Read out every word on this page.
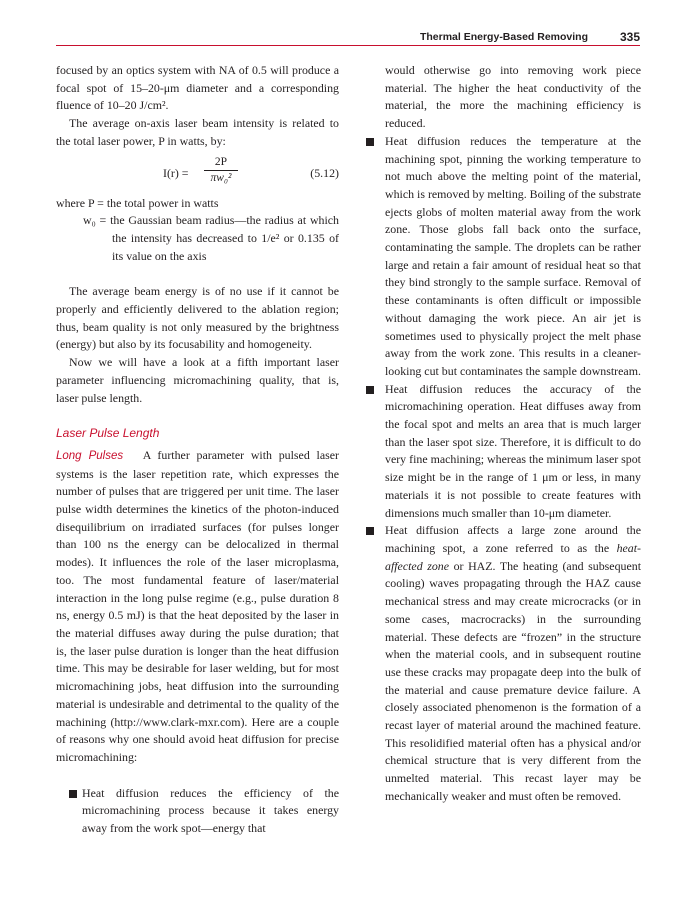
Thermal Energy-Based Removing	335

focused by an optics system with NA of 0.5 will produce a focal spot of 15–20-μm diameter and a corresponding fluence of 10–20 J/cm².

The average on-axis laser beam intensity is related to the total laser power, P in watts, by:

$I(r) = \frac{2P}{\text{πw₀²}}$	(5.12)

where P = the total power in watts

w₀ = the Gaussian beam radius—the radius at which the intensity has decreased to 1/e² or 0.135 of its value on the axis

The average beam energy is of no use if it cannot be properly and efficiently delivered to the ablation region; thus, beam quality is not only measured by the brightness (energy) but also by its focusability and homogeneity.

Now we will have a look at a fifth important laser parameter influencing micromachining quality, that is, laser pulse length.

Laser Pulse Length

Long Pulses A further parameter with pulsed laser systems is the laser repetition rate, which expresses the number of pulses that are triggered per unit time. The laser pulse width determines the kinetics of the photon-induced disequilibrium on irradiated surfaces (for pulses longer than 100 ns the energy can be delocalized in thermal modes). It influences the role of the laser microplasma, too. The most fundamental feature of laser/material interaction in the long pulse regime (e.g., pulse duration 8 ns, energy 0.5 mJ) is that the heat deposited by the laser in the material diffuses away during the pulse duration; that is, the laser pulse duration is longer than the heat diffusion time. This may be desirable for laser welding, but for most micromachining jobs, heat diffusion into the surrounding material is undesirable and detrimental to the quality of the machining (http://www.clark-mxr.com). Here are a couple of reasons why one should avoid heat diffusion for precise micromachining:

Heat diffusion reduces the efficiency of the micromachining process because it takes energy away from the work spot—energy that
would otherwise go into removing work piece material. The higher the heat conductivity of the material, the more the machining efficiency is reduced.
Heat diffusion reduces the temperature at the machining spot, pinning the working temperature to not much above the melting point of the material, which is removed by melting. Boiling of the substrate ejects globs of molten material away from the work zone. Those globs fall back onto the surface, contaminating the sample. The droplets can be rather large and retain a fair amount of residual heat so that they bind strongly to the sample surface. Removal of these contaminants is often difficult or impossible without damaging the work piece. An air jet is sometimes used to physically project the melt phase away from the work zone. This results in a cleaner-looking cut but contaminates the sample downstream.
Heat diffusion reduces the accuracy of the micromachining operation. Heat diffuses away from the focal spot and melts an area that is much larger than the laser spot size. Therefore, it is difficult to do very fine machining; whereas the minimum laser spot size might be in the range of 1 μm or less, in many materials it is not possible to create features with dimensions much smaller than 10-μm diameter.
Heat diffusion affects a large zone around the machining spot, a zone referred to as the heat-affected zone or HAZ. The heating (and subsequent cooling) waves propagating through the HAZ cause mechanical stress and may create microcracks (or in some cases, macrocracks) in the surrounding material. These defects are “frozen” in the structure when the material cools, and in subsequent routine use these cracks may propagate deep into the bulk of the material and cause premature device failure. A closely associated phenomenon is the formation of a recast layer of material around the machined feature. This resolidified material often has a physical and/or chemical structure that is very different from the unmelted material. This recast layer may be mechanically weaker and must often be removed.
